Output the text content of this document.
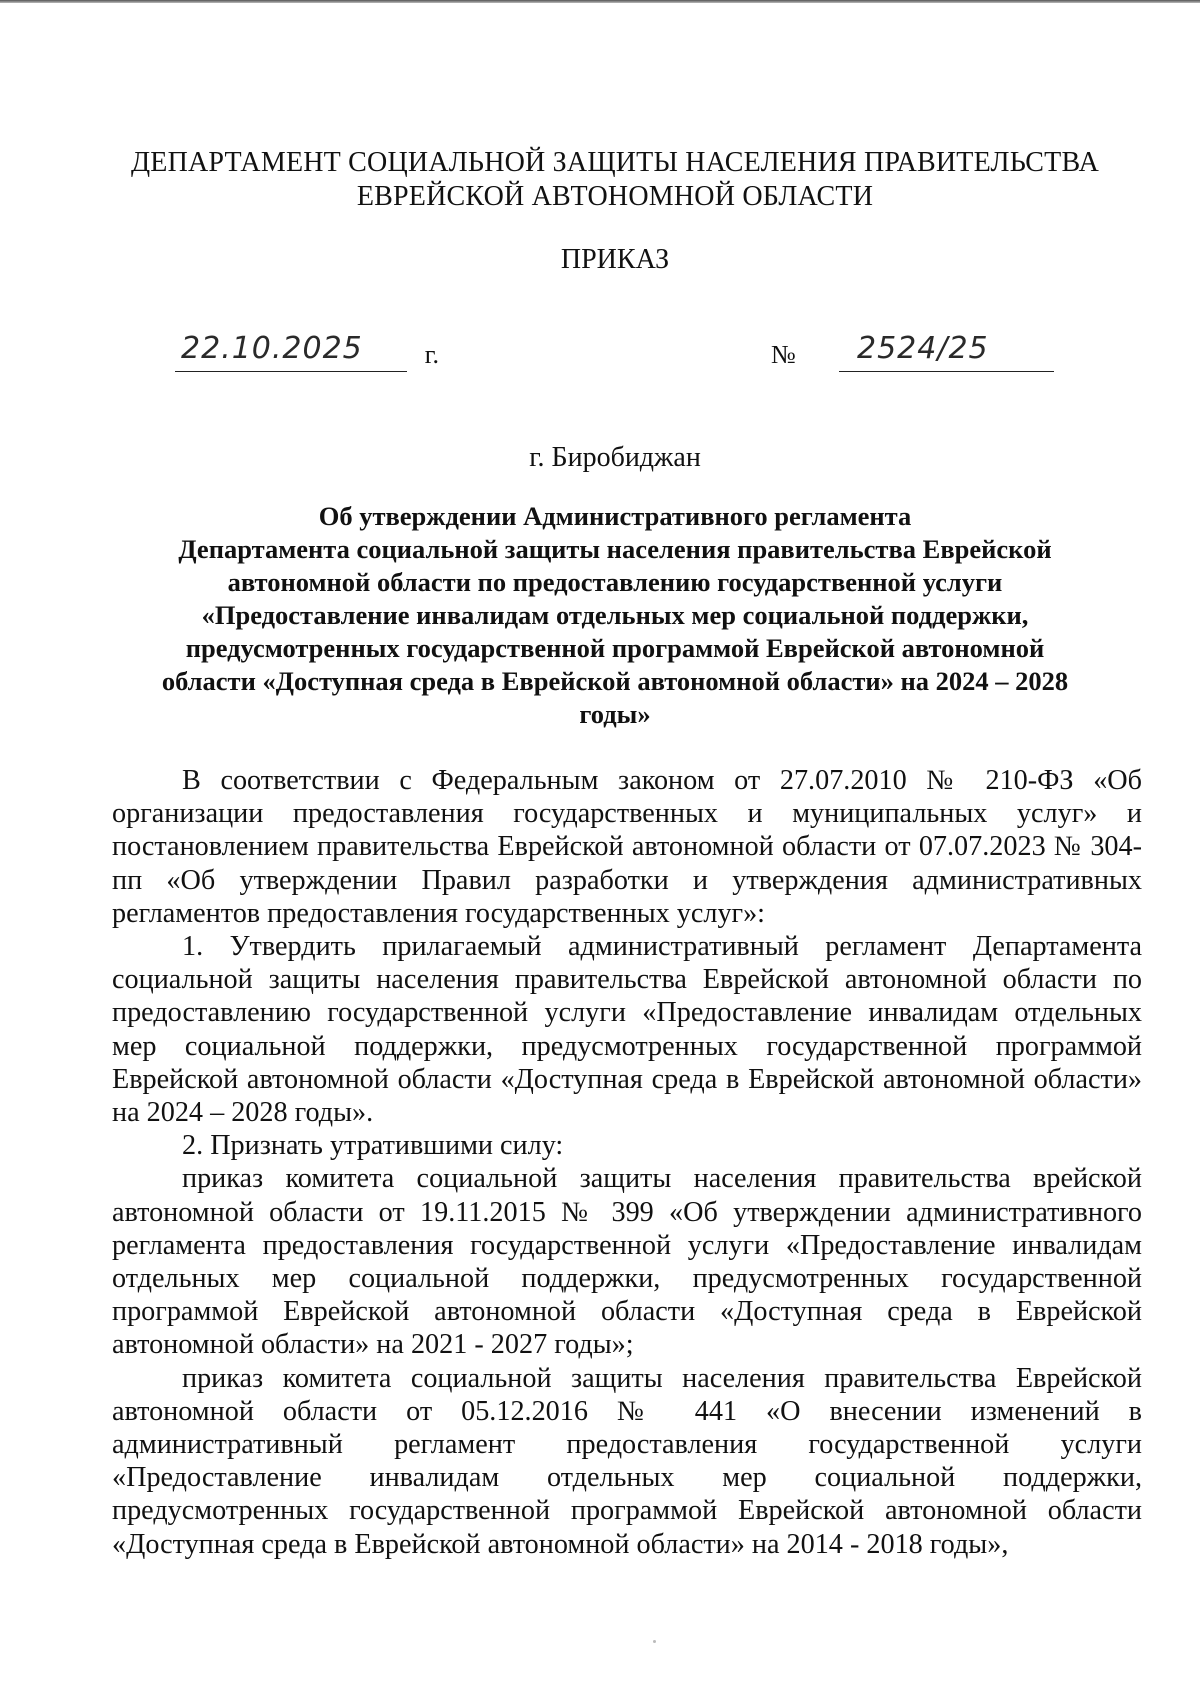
ДЕПАРТАМЕНТ СОЦИАЛЬНОЙ ЗАЩИТЫ НАСЕЛЕНИЯ ПРАВИТЕЛЬСТВА
ЕВРЕЙСКОЙ АВТОНОМНОЙ ОБЛАСТИ
ПРИКАЗ
22.10.2025 г.	№ 2524/25
г. Биробиджан
Об утверждении Административного регламента
Департамента социальной защиты населения правительства Еврейской
автономной области по предоставлению государственной услуги
«Предоставление инвалидам отдельных мер социальной поддержки,
предусмотренных государственной программой Еврейской автономной
области «Доступная среда в Еврейской автономной области» на 2024 – 2028
годы»

В соответствии с Федеральным законом от 27.07.2010 № 210-ФЗ «Об организации предоставления государственных и муниципальных услуг» и постановлением правительства Еврейской автономной области от 07.07.2023 № 304-пп «Об утверждении Правил разработки и утверждения административных регламентов предоставления государственных услуг»:

1. Утвердить прилагаемый административный регламент Департамента социальной защиты населения правительства Еврейской автономной области по предоставлению государственной услуги «Предоставление инвалидам отдельных мер социальной поддержки, предусмотренных государственной программой Еврейской автономной области «Доступная среда в Еврейской автономной области» на 2024 – 2028 годы».

2. Признать утратившими силу:

приказ комитета социальной защиты населения правительства врейской автономной области от 19.11.2015 № 399 «Об утверждении административного регламента предоставления государственной услуги «Предоставление инвалидам отдельных мер социальной поддержки, предусмотренных государственной программой Еврейской автономной области «Доступная среда в Еврейской автономной области» на 2021 - 2027 годы»;

приказ комитета социальной защиты населения правительства Еврейской автономной области от 05.12.2016 № 441 «О внесении изменений в административный регламент предоставления государственной услуги «Предоставление инвалидам отдельных мер социальной поддержки, предусмотренных государственной программой Еврейской автономной области «Доступная среда в Еврейской автономной области» на 2014 - 2018 годы»,
